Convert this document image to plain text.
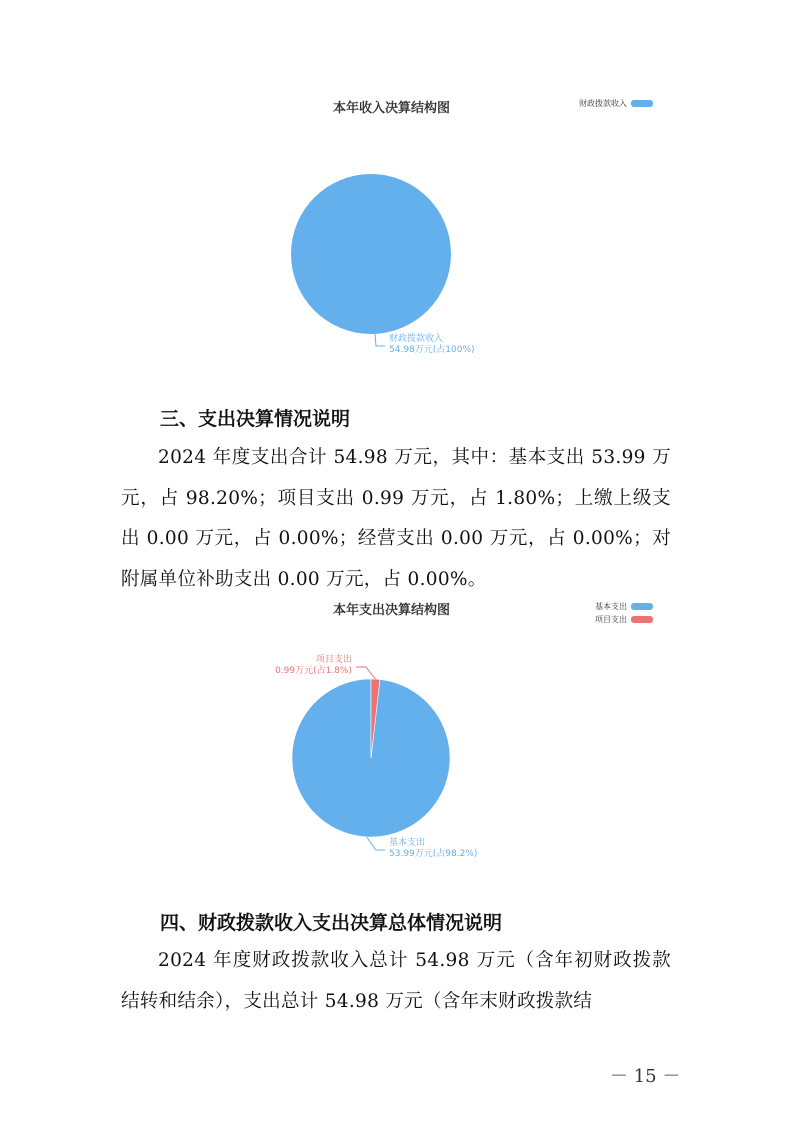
本年收入决算结构图	财政拨款收入
财政拨款收入
54.98万元(占100%)
三、支出决算情况说明

2024 年度支出合计 54.98 万元，其中：基本支出 53.99 万元，占 98.20%；项目支出 0.99 万元，占 1.80%；上缴上级支出 0.00 万元，占 0.00%；经营支出 0.00 万元，占 0.00%；对附属单位补助支出 0.00 万元，占 0.00%。

本年支出决算结构图	基本支出
项目支出
基本支出
53.99万元(占98.2%)
项目支出
0.99万元(占1.8%)
四、财政拨款收入支出决算总体情况说明

2024 年度财政拨款收入总计 54.98 万元（含年初财政拨款结转和结余），支出总计 54.98 万元（含年末财政拨款结

－ 15 －
